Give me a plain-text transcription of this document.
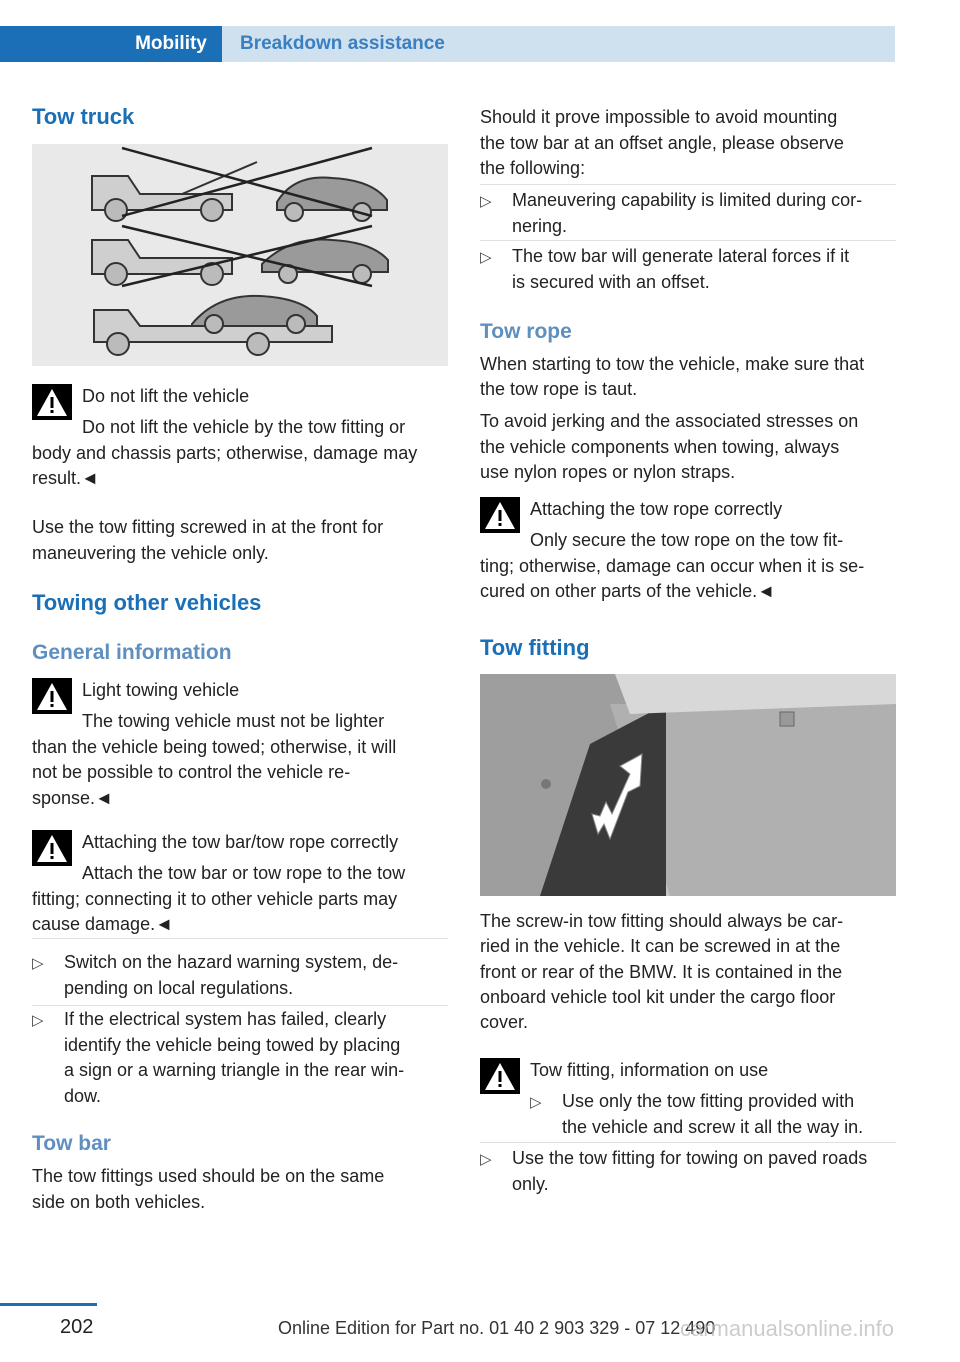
Mobility	Breakdown assistance
Tow truck
Do not lift the vehicle
Do not lift the vehicle by the tow fitting or
body and chassis parts; otherwise, damage may
result.◄
Use the tow fitting screwed in at the front for
maneuvering the vehicle only.
Towing other vehicles
General information
Light towing vehicle
The towing vehicle must not be lighter
than the vehicle being towed; otherwise, it will
not be possible to control the vehicle re-
sponse.◄
Attaching the tow bar/tow rope correctly
Attach the tow bar or tow rope to the tow
fitting; connecting it to other vehicle parts may
cause damage.◄
▷ Switch on the hazard warning system, de-
pending on local regulations.
▷ If the electrical system has failed, clearly
identify the vehicle being towed by placing
a sign or a warning triangle in the rear win-
dow.
Tow bar
The tow fittings used should be on the same
side on both vehicles.
Should it prove impossible to avoid mounting
the tow bar at an offset angle, please observe
the following:
▷ Maneuvering capability is limited during cor-
nering.
▷ The tow bar will generate lateral forces if it
is secured with an offset.
Tow rope
When starting to tow the vehicle, make sure that
the tow rope is taut.
To avoid jerking and the associated stresses on
the vehicle components when towing, always
use nylon ropes or nylon straps.
Attaching the tow rope correctly
Only secure the tow rope on the tow fit-
ting; otherwise, damage can occur when it is se-
cured on other parts of the vehicle.◄
Tow fitting
The screw-in tow fitting should always be car-
ried in the vehicle. It can be screwed in at the
front or rear of the BMW. It is contained in the
onboard vehicle tool kit under the cargo floor
cover.
Tow fitting, information on use
▷ Use only the tow fitting provided with
the vehicle and screw it all the way in.
▷ Use the tow fitting for towing on paved roads
only.
202	Online Edition for Part no. 01 40 2 903 329 - 07 12 490
carmanualsonline.info
